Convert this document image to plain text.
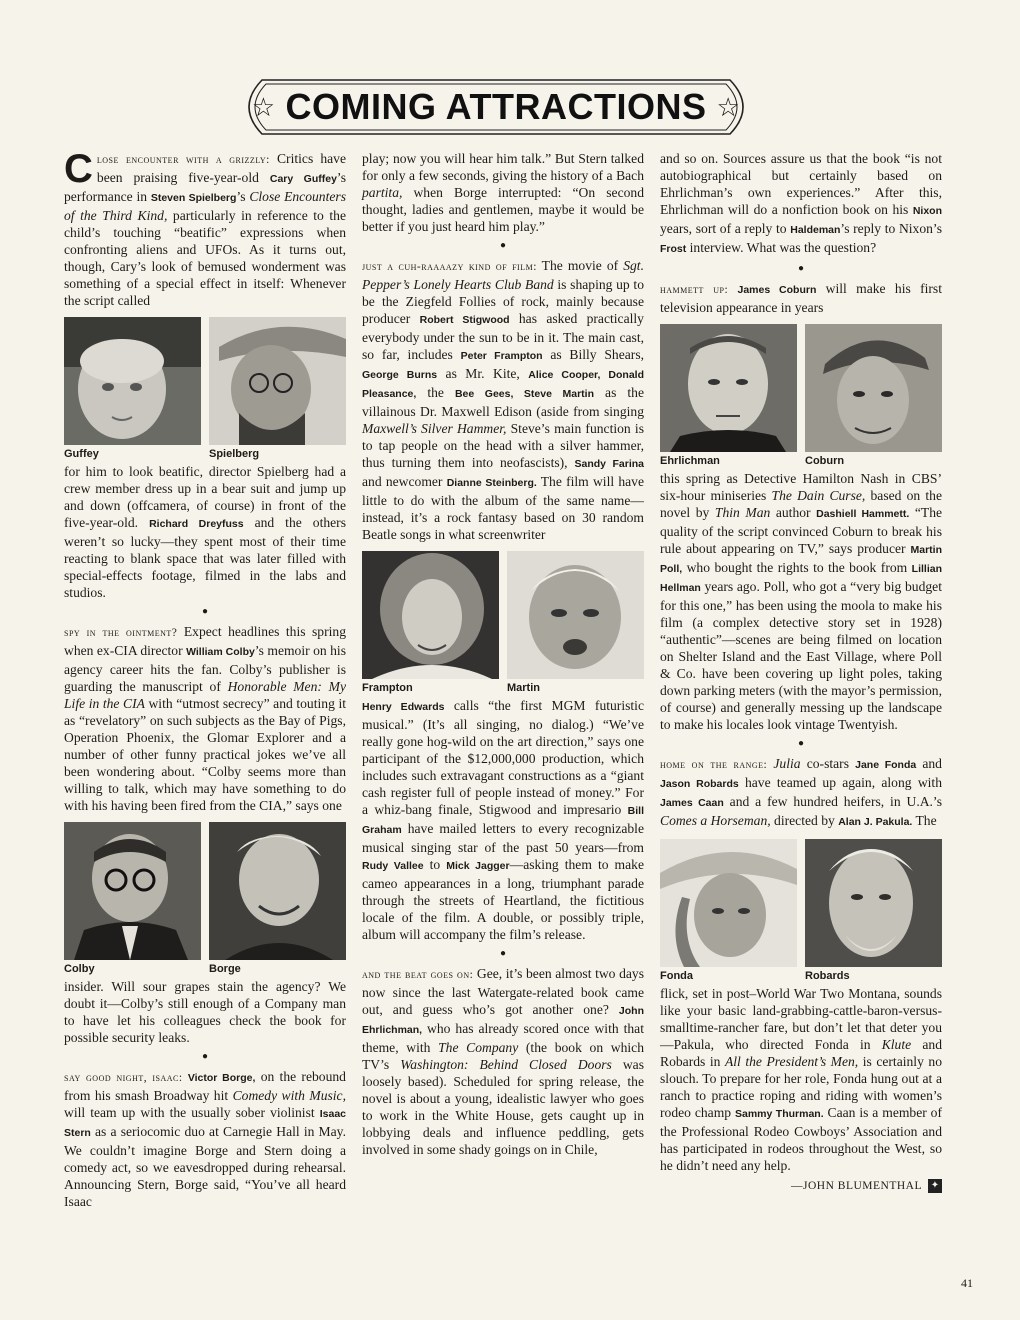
☆ COMING ATTRACTIONS ☆

Close encounter with a grizzly: Critics have been praising five-year-old Cary Guffey’s performance in Steven Spielberg’s Close Encounters of the Third Kind, particularly in reference to the child’s touching “beatific” expressions when confronting aliens and UFOs. As it turns out, though, Cary’s look of bemused wonderment was something of a special effect in itself: Whenever the script called

Guffey	Spielberg

for him to look beatific, director Spielberg had a crew member dress up in a bear suit and jump up and down (offcamera, of course) in front of the five-year-old. Richard Dreyfuss and the others weren’t so lucky—they spent most of their time reacting to blank space that was later filled with special-effects footage, filmed in the labs and studios.

●

spy in the ointment? Expect headlines this spring when ex-CIA director William Colby’s memoir on his agency career hits the fan. Colby’s publisher is guarding the manuscript of Honorable Men: My Life in the CIA with “utmost secrecy” and touting it as “revelatory” on such subjects as the Bay of Pigs, Operation Phoenix, the Glomar Explorer and a number of other funny practical jokes we’ve all been wondering about. “Colby seems more than willing to talk, which may have something to do with his having been fired from the CIA,” says one

Colby	Borge

insider. Will sour grapes stain the agency? We doubt it—Colby’s still enough of a Company man to have let his colleagues check the book for possible security leaks.

●

say good night, isaac: Victor Borge, on the rebound from his smash Broadway hit Comedy with Music, will team up with the usually sober violinist Isaac Stern as a seriocomic duo at Carnegie Hall in May. We couldn’t imagine Borge and Stern doing a comedy act, so we eavesdropped during rehearsal. Announcing Stern, Borge said, “You’ve all heard Isaac

play; now you will hear him talk.” But Stern talked for only a few seconds, giving the history of a Bach partita, when Borge interrupted: “On second thought, ladies and gentlemen, maybe it would be better if you just heard him play.”

●

just a cuh-raaaazy kind of film: The movie of Sgt. Pepper’s Lonely Hearts Club Band is shaping up to be the Ziegfeld Follies of rock, mainly because producer Robert Stigwood has asked practically everybody under the sun to be in it. The main cast, so far, includes Peter Frampton as Billy Shears, George Burns as Mr. Kite, Alice Cooper, Donald Pleasance, the Bee Gees, Steve Martin as the villainous Dr. Maxwell Edison (aside from singing Maxwell’s Silver Hammer, Steve’s main function is to tap people on the head with a silver hammer, thus turning them into neofascists), Sandy Farina and newcomer Dianne Steinberg. The film will have little to do with the album of the same name—instead, it’s a rock fantasy based on 30 random Beatle songs in what screenwriter

Frampton	Martin

Henry Edwards calls “the first MGM futuristic musical.” (It’s all singing, no dialog.) “We’ve really gone hog-wild on the art direction,” says one participant of the $12,000,000 production, which includes such extravagant constructions as a “giant cash register full of people instead of money.” For a whiz-bang finale, Stigwood and impresario Bill Graham have mailed letters to every recognizable musical singing star of the past 50 years—from Rudy Vallee to Mick Jagger—asking them to make cameo appearances in a long, triumphant parade through the streets of Heartland, the fictitious locale of the film. A double, or possibly triple, album will accompany the film’s release.

●

and the beat goes on: Gee, it’s been almost two days now since the last Watergate-related book came out, and guess who’s got another one? John Ehrlichman, who has already scored once with that theme, with The Company (the book on which TV’s Washington: Behind Closed Doors was loosely based). Scheduled for spring release, the novel is about a young, idealistic lawyer who goes to work in the White House, gets caught up in lobbying deals and influence peddling, gets involved in some shady goings on in Chile,

and so on. Sources assure us that the book “is not autobiographical but certainly based on Ehrlichman’s own experiences.” After this, Ehrlichman will do a nonfiction book on his Nixon years, sort of a reply to Haldeman’s reply to Nixon’s Frost interview. What was the question?

●

hammett up: James Coburn will make his first television appearance in years

Ehrlichman	Coburn

this spring as Detective Hamilton Nash in CBS’ six-hour miniseries The Dain Curse, based on the novel by Thin Man author Dashiell Hammett. “The quality of the script convinced Coburn to break his rule about appearing on TV,” says producer Martin Poll, who bought the rights to the book from Lillian Hellman years ago. Poll, who got a “very big budget for this one,” has been using the moola to make his film (a complex detective story set in 1928) “authentic”—scenes are being filmed on location on Shelter Island and the East Village, where Poll & Co. have been covering up light poles, taking down parking meters (with the mayor’s permission, of course) and generally messing up the landscape to make his locales look vintage Twentyish.

●

home on the range: Julia co-stars Jane Fonda and Jason Robards have teamed up again, along with James Caan and a few hundred heifers, in U.A.’s Comes a Horseman, directed by Alan J. Pakula. The

Fonda	Robards

flick, set in post–World War Two Montana, sounds like your basic land-grabbing-cattle-baron-versus-smalltime-rancher fare, but don’t let that deter you—Pakula, who directed Fonda in Klute and Robards in All the President’s Men, is certainly no slouch. To prepare for her role, Fonda hung out at a ranch to practice roping and riding with women’s rodeo champ Sammy Thurman. Caan is a member of the Professional Rodeo Cowboys’ Association and has participated in rodeos throughout the West, so he didn’t need any help.

—JOHN BLUMENTHAL ✦
41
